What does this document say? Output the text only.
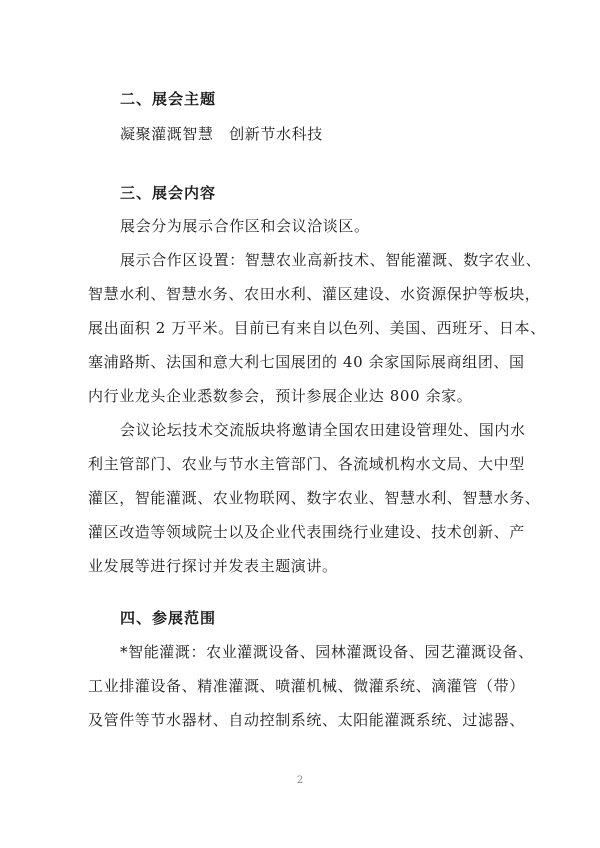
二、展会主题
凝聚灌溉智慧　创新节水科技
三、展会内容
展会分为展示合作区和会议洽谈区。
展示合作区设置：智慧农业高新技术、智能灌溉、数字农业、
智慧水利、智慧水务、农田水利、灌区建设、水资源保护等板块，
展出面积 2 万平米。目前已有来自以色列、美国、西班牙、日本、
塞浦路斯、法国和意大利七国展团的 40 余家国际展商组团、国
内行业龙头企业悉数参会，预计参展企业达 800 余家。
会议论坛技术交流版块将邀请全国农田建设管理处、国内水
利主管部门、农业与节水主管部门、各流域机构水文局、大中型
灌区，智能灌溉、农业物联网、数字农业、智慧水利、智慧水务、
灌区改造等领域院士以及企业代表围绕行业建设、技术创新、产
业发展等进行探讨并发表主题演讲。
四、参展范围
*智能灌溉：农业灌溉设备、园林灌溉设备、园艺灌溉设备、
工业排灌设备、精准灌溉、喷灌机械、微灌系统、滴灌管（带）
及管件等节水器材、自动控制系统、太阳能灌溉系统、过滤器、
2
